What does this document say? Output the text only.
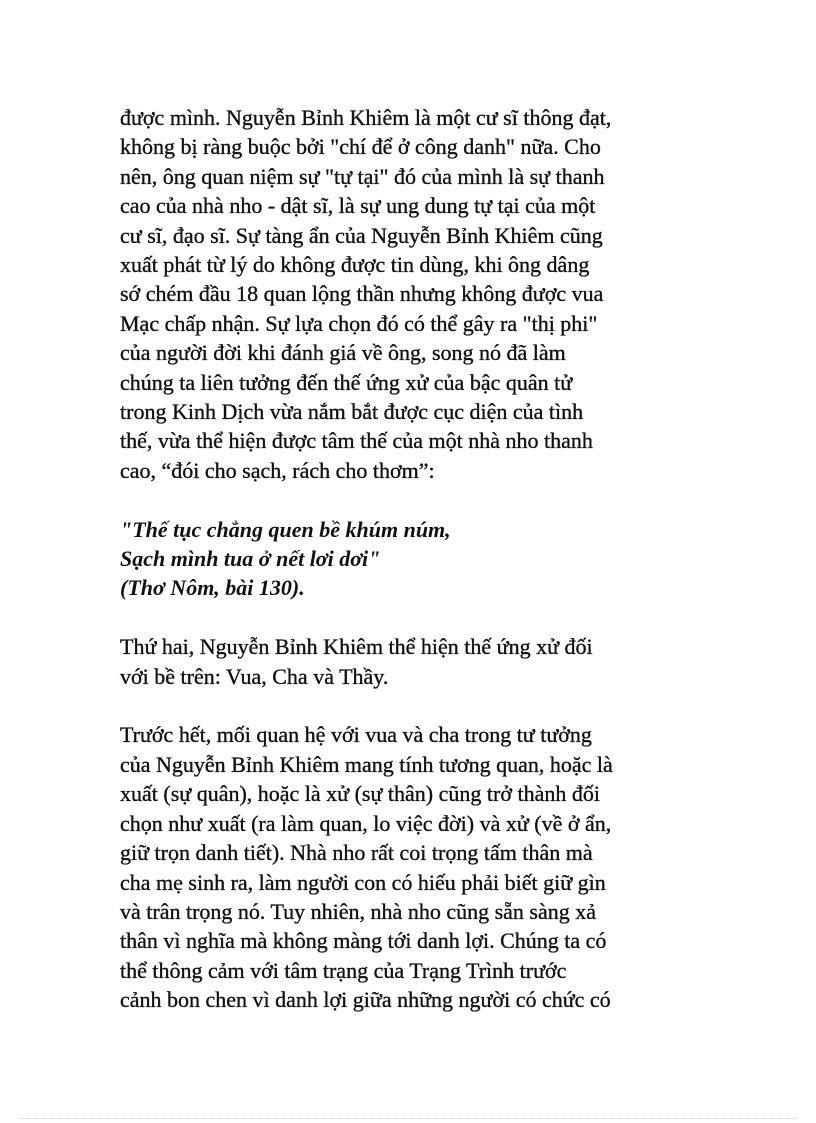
được mình. Nguyễn Bỉnh Khiêm là một cư sĩ thông đạt,
không bị ràng buộc bởi "chí để ở công danh" nữa. Cho
nên, ông quan niệm sự "tự tại" đó của mình là sự thanh
cao của nhà nho - dật sĩ, là sự ung dung tự tại của một
cư sĩ, đạo sĩ. Sự tàng ẩn của Nguyễn Bỉnh Khiêm cũng
xuất phát từ lý do không được tin dùng, khi ông dâng
sớ chém đầu 18 quan lộng thần nhưng không được vua
Mạc chấp nhận. Sự lựa chọn đó có thể gây ra "thị phi"
của người đời khi đánh giá về ông, song nó đã làm
chúng ta liên tưởng đến thế ứng xử của bậc quân tử
trong Kinh Dịch vừa nắm bắt được cục diện của tình
thế, vừa thể hiện được tâm thế của một nhà nho thanh
cao, “đói cho sạch, rách cho thơm”:
"Thế tục chẳng quen bề khúm núm,
Sạch mình tua ở nết lơi dơi"
(Thơ Nôm, bài 130).
Thứ hai, Nguyễn Bỉnh Khiêm thể hiện thế ứng xử đối
với bề trên: Vua, Cha và Thầy.
Trước hết, mối quan hệ với vua và cha trong tư tưởng
của Nguyễn Bỉnh Khiêm mang tính tương quan, hoặc là
xuất (sự quân), hoặc là xử (sự thân) cũng trở thành đối
chọn như xuất (ra làm quan, lo việc đời) và xử (về ở ẩn,
giữ trọn danh tiết). Nhà nho rất coi trọng tấm thân mà
cha mẹ sinh ra, làm người con có hiếu phải biết giữ gìn
và trân trọng nó. Tuy nhiên, nhà nho cũng sẵn sàng xả
thân vì nghĩa mà không màng tới danh lợi. Chúng ta có
thể thông cảm với tâm trạng của Trạng Trình trước
cảnh bon chen vì danh lợi giữa những người có chức có
